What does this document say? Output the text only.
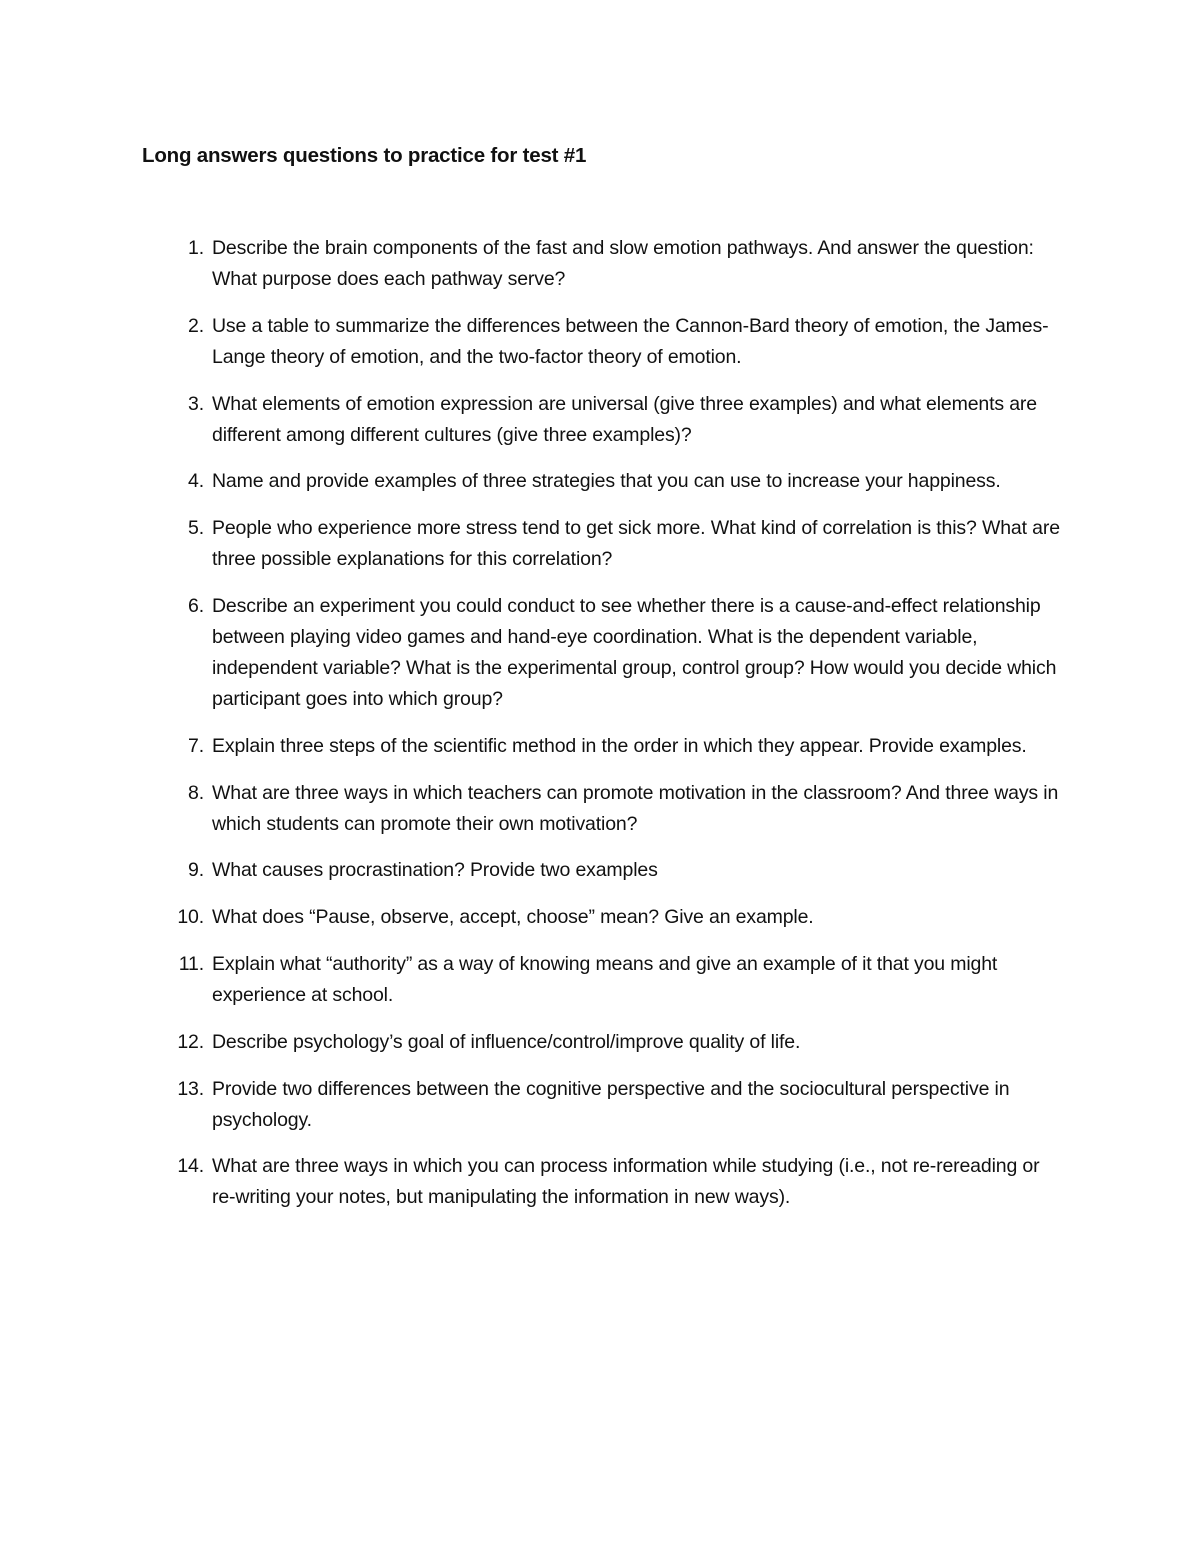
Long answers questions to practice for test #1
1. Describe the brain components of the fast and slow emotion pathways. And answer the question: What purpose does each pathway serve?
2. Use a table to summarize the differences between the Cannon-Bard theory of emotion, the James-Lange theory of emotion, and the two-factor theory of emotion.
3. What elements of emotion expression are universal (give three examples) and what elements are different among different cultures (give three examples)?
4. Name and provide examples of three strategies that you can use to increase your happiness.
5. People who experience more stress tend to get sick more. What kind of correlation is this? What are three possible explanations for this correlation?
6. Describe an experiment you could conduct to see whether there is a cause-and-effect relationship between playing video games and hand-eye coordination. What is the dependent variable, independent variable? What is the experimental group, control group? How would you decide which participant goes into which group?
7. Explain three steps of the scientific method in the order in which they appear. Provide examples.
8. What are three ways in which teachers can promote motivation in the classroom? And three ways in which students can promote their own motivation?
9. What causes procrastination? Provide two examples
10. What does “Pause, observe, accept, choose” mean? Give an example.
11. Explain what “authority” as a way of knowing means and give an example of it that you might experience at school.
12. Describe psychology’s goal of influence/control/improve quality of life.
13. Provide two differences between the cognitive perspective and the sociocultural perspective in psychology.
14. What are three ways in which you can process information while studying (i.e., not re-rereading or re-writing your notes, but manipulating the information in new ways).
